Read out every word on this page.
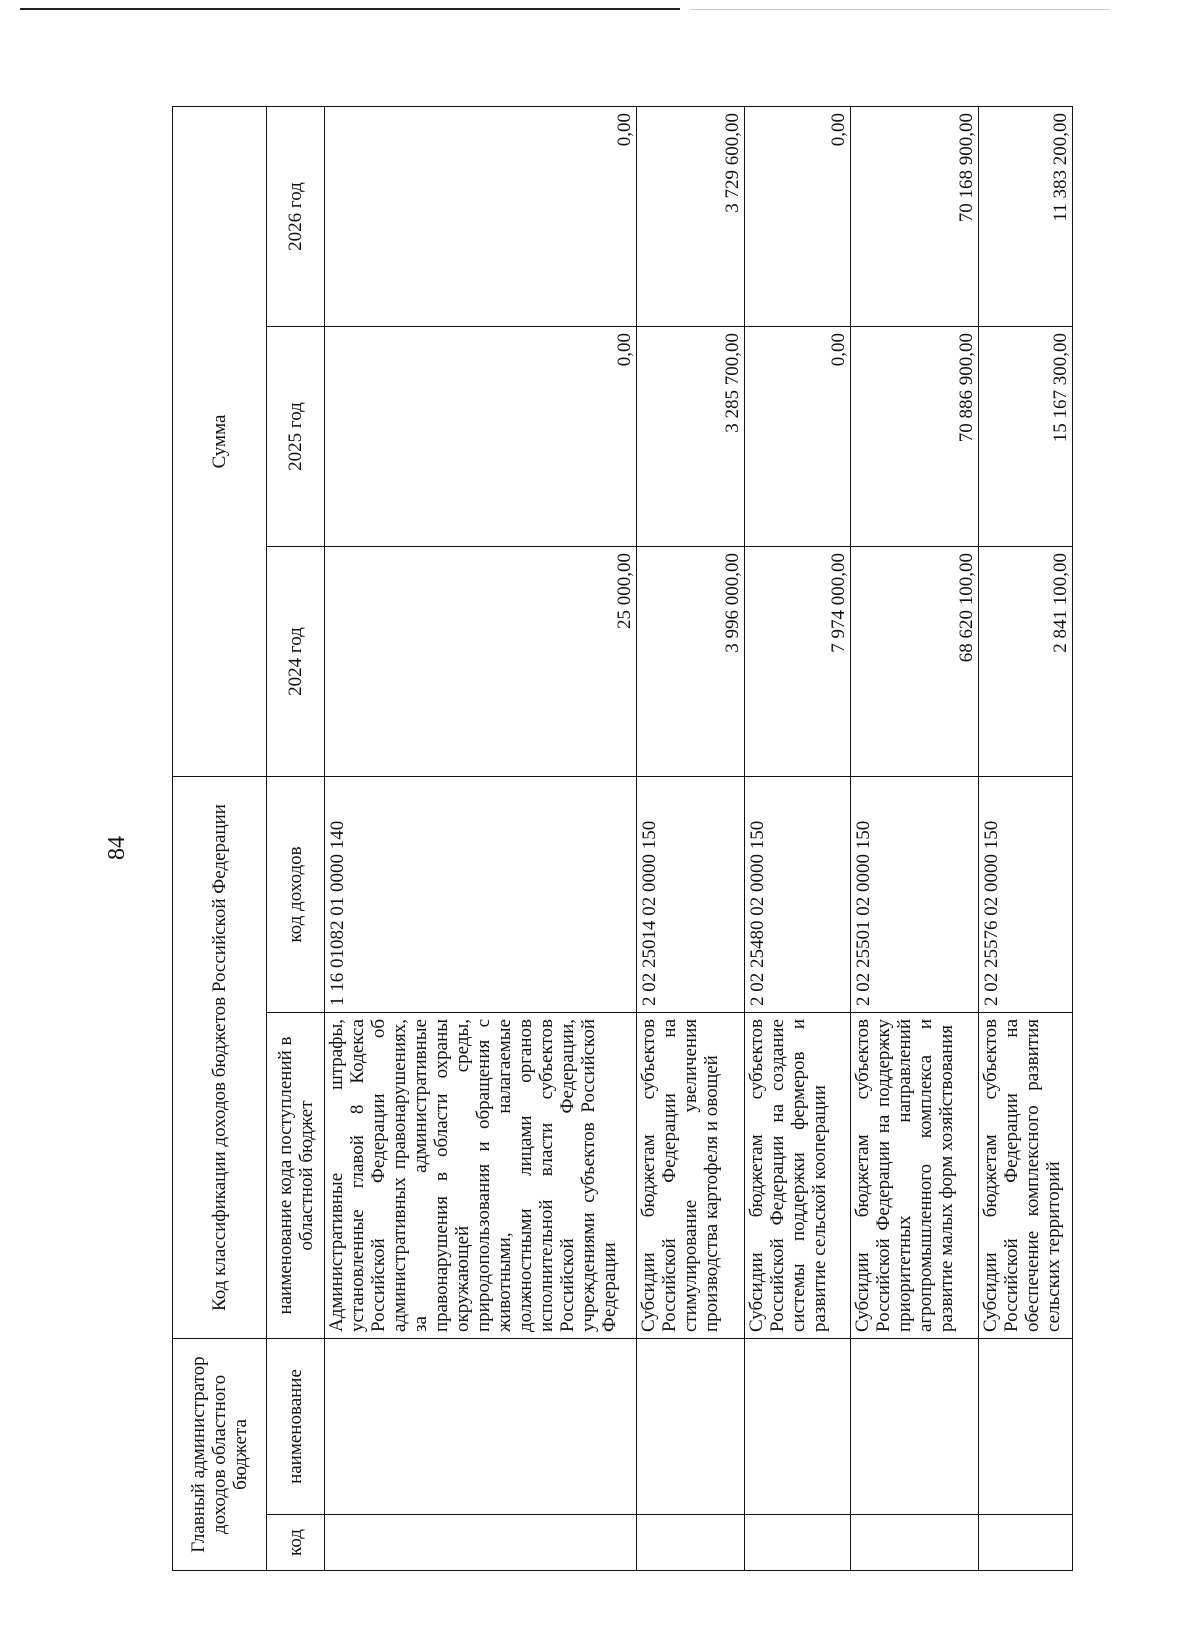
84
Главный администратор доходов областного бюджета		Код классификации доходов бюджетов Российской Федерации		Сумма		
код	наименование	наименование кода поступлений в областной бюджет	код доходов	2024 год	2025 год	2026 год
		Административные штрафы, установленные главой 8 Кодекса Российской Федерации об административных правонарушениях, за административные правонарушения в области охраны окружающей среды, природопользования и обращения с животными, налагаемые должностными лицами органов исполнительной власти субъектов Российской Федерации, учреждениями субъектов Российской Федерации	1 16 01082 01 0000 140	25 000,00	0,00	0,00
		Субсидии бюджетам субъектов Российской Федерации на стимулирование увеличения производства картофеля и овощей	2 02 25014 02 0000 150	3 996 000,00	3 285 700,00	3 729 600,00
		Субсидии бюджетам субъектов Российской Федерации на создание системы поддержки фермеров и развитие сельской кооперации	2 02 25480 02 0000 150	7 974 000,00	0,00	0,00
		Субсидии бюджетам субъектов Российской Федерации на поддержку приоритетных направлений агропромышленного комплекса и развитие малых форм хозяйствования	2 02 25501 02 0000 150	68 620 100,00	70 886 900,00	70 168 900,00
		Субсидии бюджетам субъектов Российской Федерации на обеспечение комплексного развития сельских территорий	2 02 25576 02 0000 150	2 841 100,00	15 167 300,00	11 383 200,00
